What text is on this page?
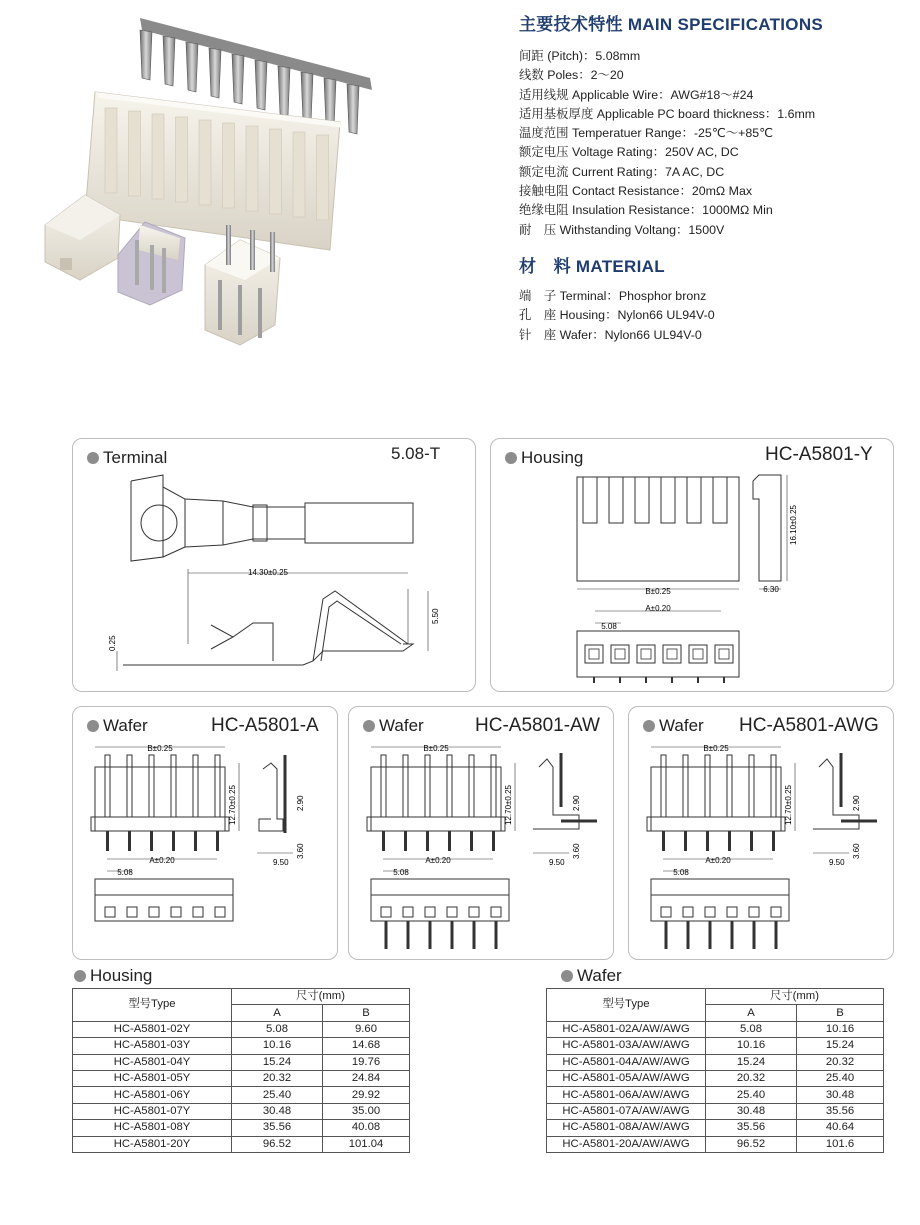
主要技术特性 MAIN SPECIFICATIONS
间距 (Pitch)：5.08mm
线数 Poles：2～20
适用线规 Applicable Wire：AWG#18～#24
适用基板厚度 Applicable PC board thickness：1.6mm
温度范围 Temperatuer Range：-25℃～+85℃
额定电压 Voltage Rating：250V AC, DC
额定电流 Current Rating：7A AC, DC
接触电阻 Contact Resistance：20mΩ Max
绝缘电阻 Insulation Resistance：1000MΩ Min
耐　压 Withstanding Voltang：1500V
材　料 MATERIAL
端　子 Terminal：Phosphor bronz
孔　座 Housing：Nylon66 UL94V-0
针　座 Wafer：Nylon66 UL94V-0
Terminal	5.08-T
14.30±0.25
5.50
0.25
Housing	HC-A5801-Y
B±0.25
16.10±0.25
6.30
A±0.20
5.08
Wafer	HC-A5801-A
B±0.25
12.70±0.25	2.90
9.50
3.60
A±0.20
5.08
Wafer	HC-A5801-AW
B±0.25
12.70±0.25	2.90
9.50
3.60
A±0.20
5.08
Wafer HC-A5801-AWG
B±0.25
12.70±0.25	2.90
9.50
3.60
A±0.20
5.08
Housing
型号Type	尺寸(mm)	
	A	B
HC-A5801-02Y	5.08	9.60
HC-A5801-03Y	10.16	14.68
HC-A5801-04Y	15.24	19.76
HC-A5801-05Y	20.32	24.84
HC-A5801-06Y	25.40	29.92
HC-A5801-07Y	30.48	35.00
HC-A5801-08Y	35.56	40.08
HC-A5801-20Y	96.52	101.04
Wafer
型号Type	尺寸(mm)	
	A	B
HC-A5801-02A/AW/AWG	5.08	10.16
HC-A5801-03A/AW/AWG	10.16	15.24
HC-A5801-04A/AW/AWG	15.24	20.32
HC-A5801-05A/AW/AWG	20.32	25.40
HC-A5801-06A/AW/AWG	25.40	30.48
HC-A5801-07A/AW/AWG	30.48	35.56
HC-A5801-08A/AW/AWG	35.56	40.64
HC-A5801-20A/AW/AWG	96.52	101.6
